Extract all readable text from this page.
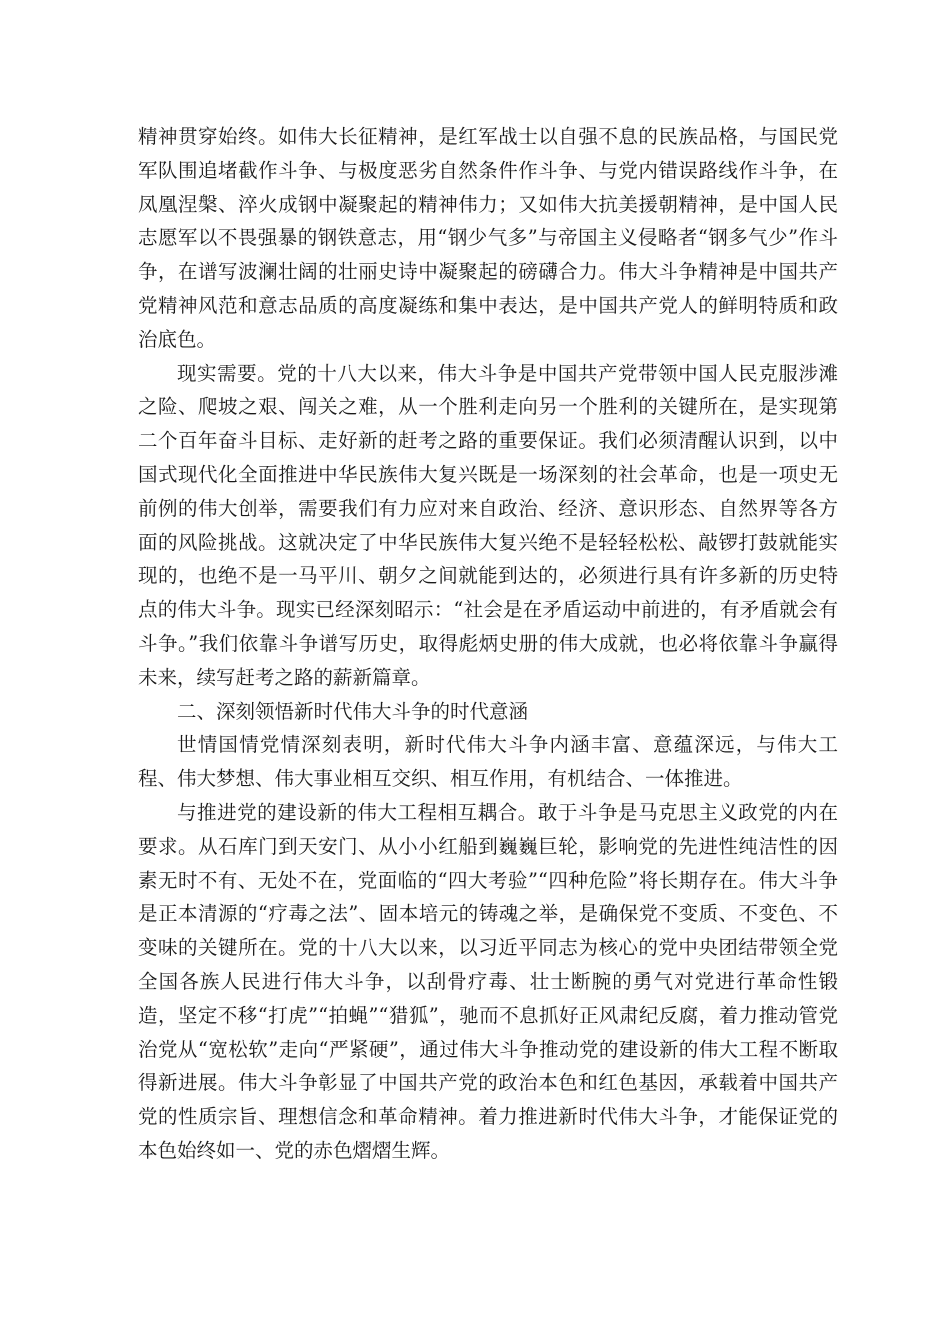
精神贯穿始终。如伟大长征精神，是红军战士以自强不息的民族品格，与国民党军队围追堵截作斗争、与极度恶劣自然条件作斗争、与党内错误路线作斗争，在凤凰涅槃、淬火成钢中凝聚起的精神伟力；又如伟大抗美援朝精神，是中国人民志愿军以不畏强暴的钢铁意志，用“钢少气多”与帝国主义侵略者“钢多气少”作斗争，在谱写波澜壮阔的壮丽史诗中凝聚起的磅礴合力。伟大斗争精神是中国共产党精神风范和意志品质的高度凝练和集中表达，是中国共产党人的鲜明特质和政治底色。

现实需要。党的十八大以来，伟大斗争是中国共产党带领中国人民克服涉滩之险、爬坡之艰、闯关之难，从一个胜利走向另一个胜利的关键所在，是实现第二个百年奋斗目标、走好新的赶考之路的重要保证。我们必须清醒认识到，以中国式现代化全面推进中华民族伟大复兴既是一场深刻的社会革命，也是一项史无前例的伟大创举，需要我们有力应对来自政治、经济、意识形态、自然界等各方面的风险挑战。这就决定了中华民族伟大复兴绝不是轻轻松松、敲锣打鼓就能实现的，也绝不是一马平川、朝夕之间就能到达的，必须进行具有许多新的历史特点的伟大斗争。现实已经深刻昭示：“社会是在矛盾运动中前进的，有矛盾就会有斗争。”我们依靠斗争谱写历史，取得彪炳史册的伟大成就，也必将依靠斗争赢得未来，续写赶考之路的薪新篇章。

二、深刻领悟新时代伟大斗争的时代意涵

世情国情党情深刻表明，新时代伟大斗争内涵丰富、意蕴深远，与伟大工程、伟大梦想、伟大事业相互交织、相互作用，有机结合、一体推进。

与推进党的建设新的伟大工程相互耦合。敢于斗争是马克思主义政党的内在要求。从石库门到天安门、从小小红船到巍巍巨轮，影响党的先进性纯洁性的因素无时不有、无处不在，党面临的“四大考验”“四种危险”将长期存在。伟大斗争是正本清源的“疗毒之法”、固本培元的铸魂之举，是确保党不变质、不变色、不变味的关键所在。党的十八大以来，以习近平同志为核心的党中央团结带领全党全国各族人民进行伟大斗争，以刮骨疗毒、壮士断腕的勇气对党进行革命性锻造，坚定不移“打虎”“拍蝇”“猎狐”，驰而不息抓好正风肃纪反腐，着力推动管党治党从“宽松软”走向“严紧硬”，通过伟大斗争推动党的建设新的伟大工程不断取得新进展。伟大斗争彰显了中国共产党的政治本色和红色基因，承载着中国共产党的性质宗旨、理想信念和革命精神。着力推进新时代伟大斗争，才能保证党的本色始终如一、党的赤色熠熠生辉。
